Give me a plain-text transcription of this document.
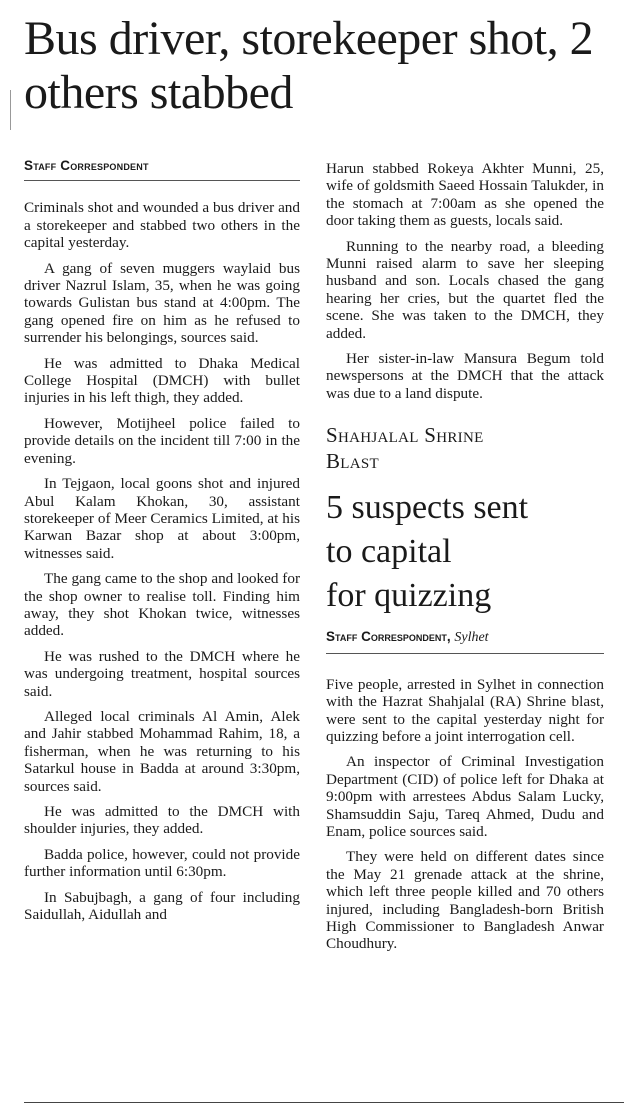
Bus driver, storekeeper shot, 2 others stabbed
Staff Correspondent

Criminals shot and wounded a bus driver and a storekeeper and stabbed two others in the capital yesterday.

A gang of seven muggers waylaid bus driver Nazrul Islam, 35, when he was going towards Gulistan bus stand at 4:00pm. The gang opened fire on him as he refused to surrender his belongings, sources said.

He was admitted to Dhaka Medical College Hospital (DMCH) with bullet injuries in his left thigh, they added.

However, Motijheel police failed to provide details on the incident till 7:00 in the evening.

In Tejgaon, local goons shot and injured Abul Kalam Khokan, 30, assistant storekeeper of Meer Ceramics Limited, at his Karwan Bazar shop at about 3:00pm, witnesses said.

The gang came to the shop and looked for the shop owner to realise toll. Finding him away, they shot Khokan twice, witnesses added.

He was rushed to the DMCH where he was undergoing treatment, hospital sources said.

Alleged local criminals Al Amin, Alek and Jahir stabbed Mohammad Rahim, 18, a fisherman, when he was returning to his Satarkul house in Badda at around 3:30pm, sources said.

He was admitted to the DMCH with shoulder injuries, they added.

Badda police, however, could not provide further information until 6:30pm.

In Sabujbagh, a gang of four including Saidullah, Aidullah and

Harun stabbed Rokeya Akhter Munni, 25, wife of goldsmith Saeed Hossain Talukder, in the stomach at 7:00am as she opened the door taking them as guests, locals said.

Running to the nearby road, a bleeding Munni raised alarm to save her sleeping husband and son. Locals chased the gang hearing her cries, but the quartet fled the scene. She was taken to the DMCH, they added.

Her sister-in-law Mansura Begum told newspersons at the DMCH that the attack was due to a land dispute.

Shahjalal Shrine
Blast
5 suspects sent
to capital
for quizzing
Staff Correspondent, Sylhet

Five people, arrested in Sylhet in connection with the Hazrat Shahjalal (RA) Shrine blast, were sent to the capital yesterday night for quizzing before a joint interrogation cell.

An inspector of Criminal Investigation Department (CID) of police left for Dhaka at 9:00pm with arrestees Abdus Salam Lucky, Shamsuddin Saju, Tareq Ahmed, Dudu and Enam, police sources said.

They were held on different dates since the May 21 grenade attack at the shrine, which left three people killed and 70 others injured, including Bangladesh-born British High Commissioner to Bangladesh Anwar Choudhury.
